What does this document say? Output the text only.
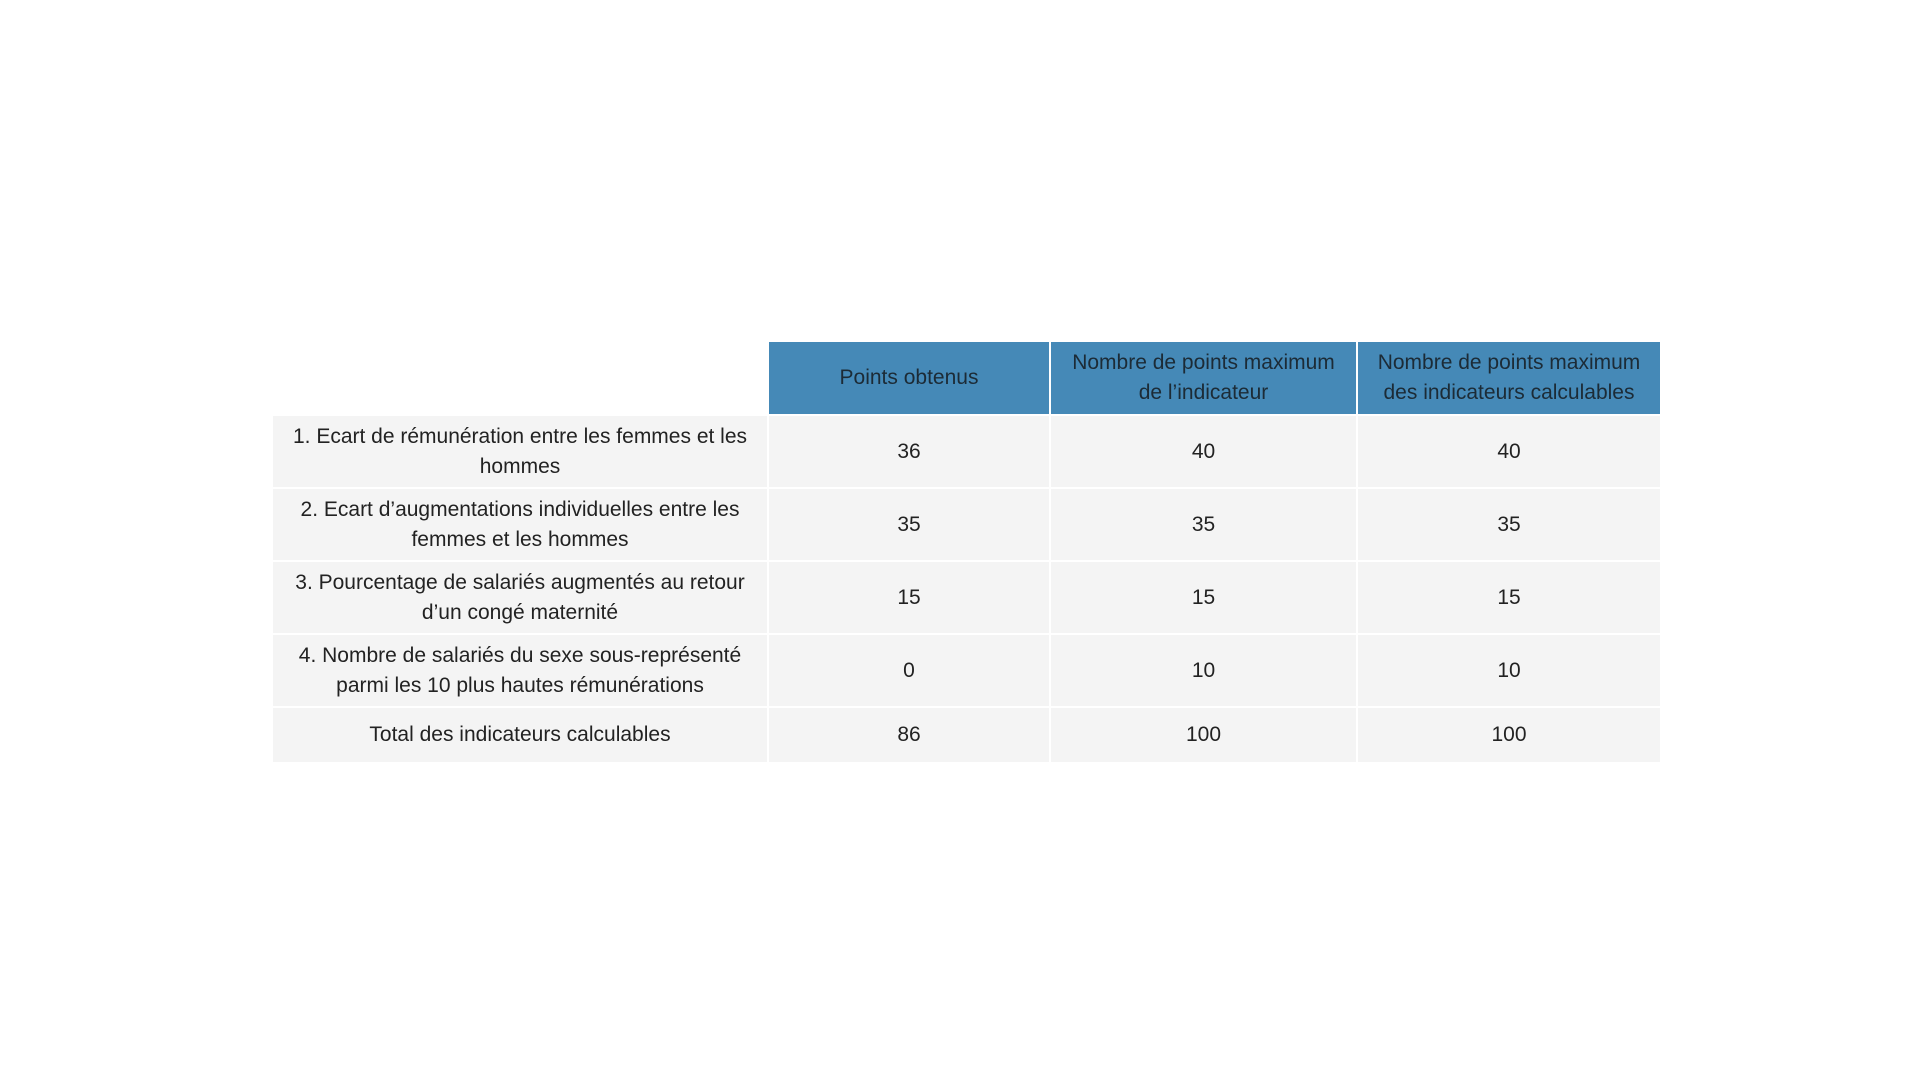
	Points obtenus	Nombre de points maximum de l’indicateur	Nombre de points maximum des indicateurs calculables
1. Ecart de rémunération entre les femmes et les hommes	36	40	40
2. Ecart d’augmentations individuelles entre les femmes et les hommes	35	35	35
3. Pourcentage de salariés augmentés au retour d’un congé maternité	15	15	15
4. Nombre de salariés du sexe sous-représenté parmi les 10 plus hautes rémunérations	0	10	10
Total des indicateurs calculables	86	100	100
